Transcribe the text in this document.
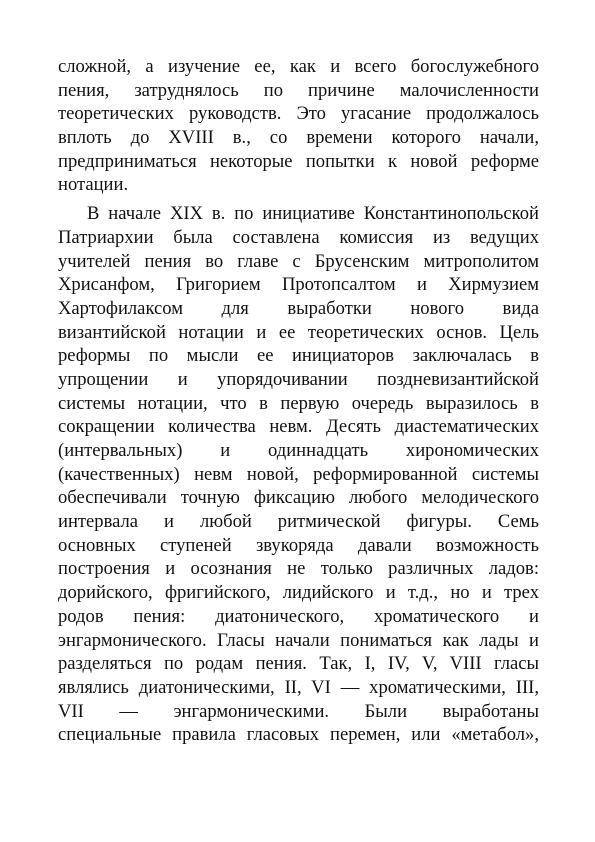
сложной, а изучение ее, как и всего богослужебного
пения, затруднялось по причине малочисленности
теоретических руководств. Это угасание продолжалось
вплоть до XVIII в., со времени которого начали,
предприниматься некоторые попытки к новой реформе
нотации.
В начале XIX в. по инициативе Константинопольской
Патриархии была составлена комиссия из ведущих
учителей пения во главе с Брусенским митрополитом
Хрисанфом, Григорием Протопсалтом и Хирмузием
Хартофилаксом для выработки нового вида
византийской нотации и ее теоретических основ. Цель
реформы по мысли ее инициаторов заключалась в
упрощении и упорядочивании поздневизантийской
системы нотации, что в первую очередь выразилось в
сокращении количества невм. Десять диастематических
(интервальных) и одиннадцать хирономических
(качественных) невм новой, реформированной системы
обеспечивали точную фиксацию любого мелодического
интервала и любой ритмической фигуры. Семь
основных ступеней звукоряда давали возможность
построения и осознания не только различных ладов:
дорийского, фригийского, лидийского и т.д., но и трех
родов пения: диатонического, хроматического и
энгармонического. Гласы начали пониматься как лады и
разделяться по родам пения. Так, I, IV, V, VIII гласы
являлись диатоническими, II, VI — хроматическими, III,
VII — энгармоническими. Были выработаны
специальные правила гласовых перемен, или «метабол»,
